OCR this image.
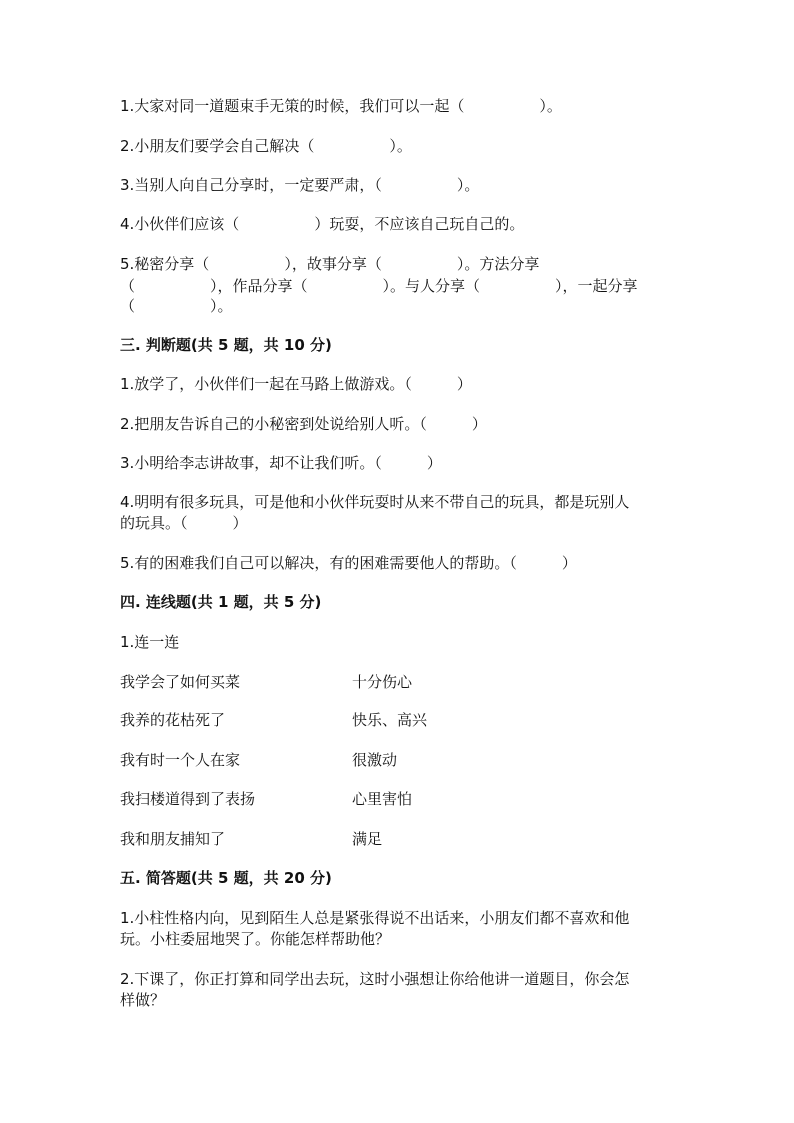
1.大家对同一道题束手无策的时候，我们可以一起（　　　　　）。
2.小朋友们要学会自己解决（　　　　　）。
3.当别人向自己分享时，一定要严肃，（　　　　　）。
4.小伙伴们应该（　　　　　）玩耍，不应该自己玩自己的。
5.秘密分享（　　　　　），故事分享（　　　　　）。方法分享
（　　　　　），作品分享（　　　　　）。与人分享（　　　　　），一起分享
（　　　　　）。
三. 判断题(共 5 题，共 10 分)
1.放学了，小伙伴们一起在马路上做游戏。（　　　）
2.把朋友告诉自己的小秘密到处说给别人听。（　　　）
3.小明给李志讲故事，却不让我们听。（　　　）
4.明明有很多玩具，可是他和小伙伴玩耍时从来不带自己的玩具，都是玩别人
的玩具。（　　　）
5.有的困难我们自己可以解决，有的困难需要他人的帮助。（　　　）
四. 连线题(共 1 题，共 5 分)
1.连一连
我学会了如何买菜	十分伤心
我养的花枯死了	快乐、高兴
我有时一个人在家	很激动
我扫楼道得到了表扬	心里害怕
我和朋友捕知了	满足
五. 简答题(共 5 题，共 20 分)
1.小柱性格内向，见到陌生人总是紧张得说不出话来，小朋友们都不喜欢和他
玩。小柱委屈地哭了。你能怎样帮助他？
2.下课了，你正打算和同学出去玩，这时小强想让你给他讲一道题目，你会怎
样做？
